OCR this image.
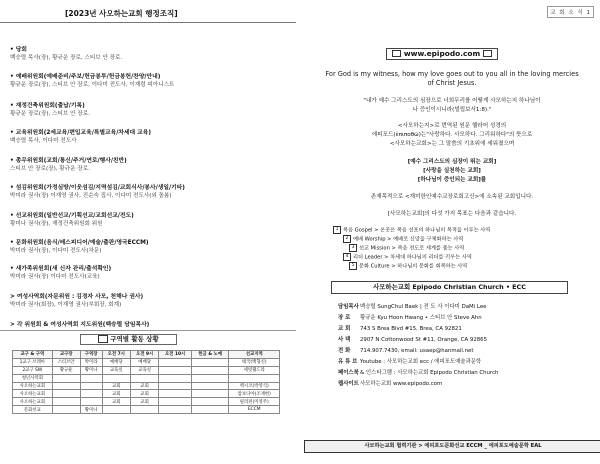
[2023년 사오하는교회 행정조직]
• 당회
백승렬 목사(장), 황규운 장로, 스티브 안 장로.
• 예배위원회(예배준비/주보/헌금봉투/헌금봉헌/찬양/안내)
황규운 장로(장), 스티브 안 장로, 이다미 전도사, 이재령 피아니스트
• 재정건축위원회(출납/기록)
황규운 장로(장), 스티브 안 장로.
• 교육위원회(2세교육/편입교육/특별교육/차세대 교육)
백승렬 목사, 이다미 전도사
• 총무위원회(교회/통신/주거/연로/행사/친반)
스티브 안 장로(장), 황규운 장로.
• 섬김위원회(가정심방/이웃섬김/지역섬김/교회식사/봉사/생일/기타)
박미라 권사(장) 이재영 권사, 진순숙 집사, 이다미 전도사(외 돌봄)
• 선교위원회(일반선교/기획선교/교회선교/전도)
황미나 권사(장), 재정건축위원회 위원
• 문화위원회(음식/레스피디어/예술/출판/영국ECCM)
박미라 권사(장), 이다미 전도사(차문)
• 새가족위원회(새 신자 관리/출석확인)
박미라 권사(장) 이다미 전도사(교육)
> 여성사역회(자문위원 : 김경자 사모, 천해나 권사)
박미라 권사(회장), 이재영 권사(부회장, 회계)
> 각 위원회 & 여성사역회 지도위원(백승렬 담임목사)
구역별 활동 상황
교구 & 구역	교구장	구역장	오전 7시	오전 9시	오전 10시	헌금 & 노예	선교지역
1교구 브레아	스티브안	박미라	예배당	예배당			태국(백형신)
2교구 SW	황규운	황미나	교육실	교육실			세빗웰드라
청년사역회							
사오하는교회			교회	교회			멕시코(박영식)
사오하는교회			교회	교회			캄보디아(조재현)
사오하는교회			교회	교회			필리핀(미영주)
문화선교		황미나					ECCM
교 회 소 식 1
www.epipodo.com
For God is my witness, how my love goes out to you all in the loving mercies of Christ Jesus.
"내가 예수 그리스도의 심장으로 너희무리를 어떻게 사모하는지 하나님이
나 증인이시니라(빌립보서1:8)."
<사모하는지>로 번역된 원문 헬라어 성경의
에피포드(ἐπιποθῶ)는"사랑하다. 사모하다. 그리워하다"의 뜻으로
<사모하는교회>는 그 말씀의 기초위에 세워졌으며
[예수 그리스도의 심장이 뛰는 교회]
[사랑을 실천하는 교회]
[하나님이 증인되는 교회]를
존재목적으로 <재미한인예수교장로회고신>에 소속된 교회입니다.
[사모하는교회]의 다섯 가지 목표는 다음과 같습니다.
1 복음 Gospel > 온곳은 복음 선포의 하나님의 목적을 이루는 사역
2 예배 Worship > 예배로 신앙을 구체화하는 사역
3 선교 Mission > 복음 전도로 세계를 품는 사역
4 리더 Leader > 차세대 하나님의 리더를 키우는 사역
5 문화 Culture > 하나님의 문화를 회복하는 사역
사모하는교회 Epipodo Christian Church • ECC
담임목사백승렬 SungChul Baek | 전 도 사 이다미 DaMi Lee
장 로 황규운 Kyu Hoon Hwang • 스티브 안 Steve Ahn
교 회 743 S Brea Blvd #15, Brea, CA 92821
사 택 2907 N Cottonwood St #11, Orange, CA 92865
전 화 714.907.7430, email: usaep@hanmail.net
유 튜 브 Youtube : 사모하는교회 ecc / 에피포도예술과문학
페이스북& 인스타그램 : 사모하는교회 Epipodo Christian Church
웹사이트사모하는교회 www.epipodo.com
사모하는교회 협력기관 > 에피포도문화선교 ECCM _ 에피포도예술문학 EAL
